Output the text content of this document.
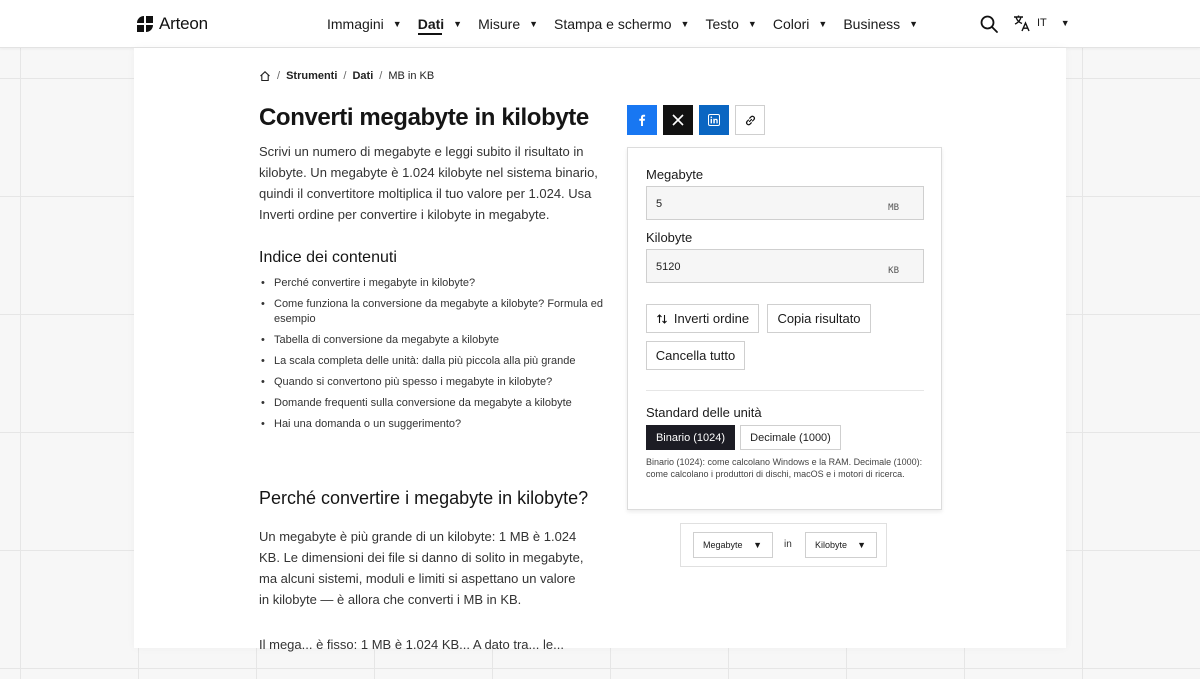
Arteon	Immagini ▼ Dati ▼ Misure ▼ Stampa e schermo ▼ Testo ▼ Colori ▼ Business ▼	IT ▼
/ Strumenti / Dati / MB in KB
Converti megabyte in kilobyte

Scrivi un numero di megabyte e leggi subito il risultato in kilobyte. Un megabyte è 1.024 kilobyte nel sistema binario, quindi il convertitore moltiplica il tuo valore per 1.024. Usa Inverti ordine per convertire i kilobyte in megabyte.

Indice dei contenuti
• Perché convertire i megabyte in kilobyte?
• Come funziona la conversione da megabyte a kilobyte? Formula ed esempio
• Tabella di conversione da megabyte a kilobyte
• La scala completa delle unità: dalla più piccola alla più grande
• Quando si convertono più spesso i megabyte in kilobyte?
• Domande frequenti sulla conversione da megabyte a kilobyte
• Hai una domanda o un suggerimento?
Perché convertire i megabyte in kilobyte?

Un megabyte è più grande di un kilobyte: 1 MB è 1.024 KB. Le dimensioni dei file si danno di solito in megabyte, ma alcuni sistemi, moduli e limiti si aspettano un valore in kilobyte — è allora che converti i MB in KB.

Il mega... è fisso: 1 MB è 1.024 KB... A dato tra... le...

Megabyte
5	MB
Kilobyte
5120	KB
Inverti ordine Copia risultato
Cancella tutto
Standard delle unità
Binario (1024)	Decimale (1000)

Binario (1024): come calcolano Windows e la RAM. Decimale (1000): come calcolano i produttori di dischi, macOS e i motori di ricerca.

Megabyte ▼ in	Kilobyte ▼
